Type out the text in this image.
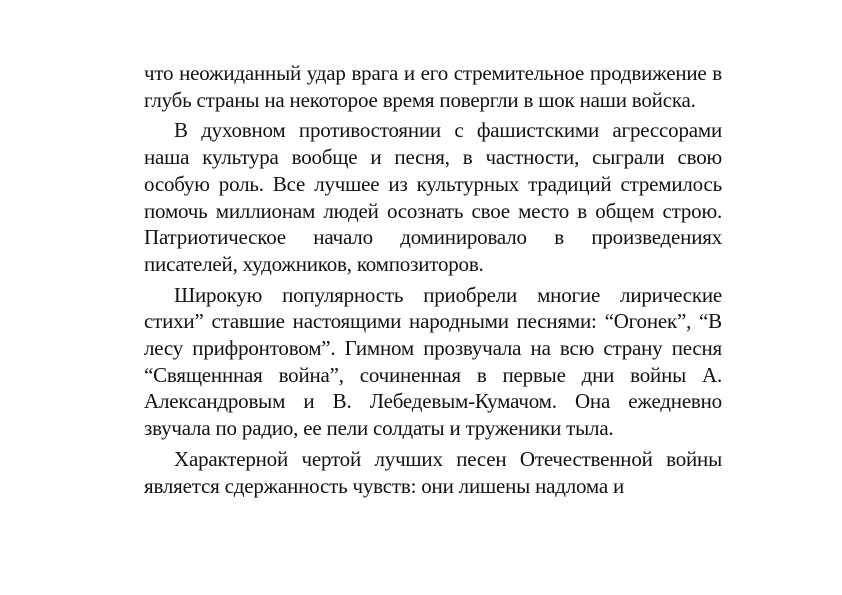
что неожиданный удар врага и его стремительное продвижение в глубь страны на некоторое время повергли в шок наши войска.

В духовном противостоянии с фашистскими агрессорами наша культура вообще и песня, в частности, сыграли свою особую роль. Все лучшее из культурных традиций стремилось помочь миллионам людей осознать свое место в общем строю. Патриотическое начало доминировало в произведениях писателей, художников, композиторов.

Широкую популярность приобрели многие лирические стихи” ставшие настоящими народными песнями: “Огонек”, “В лесу прифронтовом”. Гимном прозвучала на всю страну песня “Священнная война”, сочиненная в первые дни войны А. Александровым и В. Лебедевым-Кумачом. Она ежедневно звучала по радио, ее пели солдаты и труженики тыла.

Характерной чертой лучших песен Отечественной войны является сдержанность чувств: они лишены надлома и
